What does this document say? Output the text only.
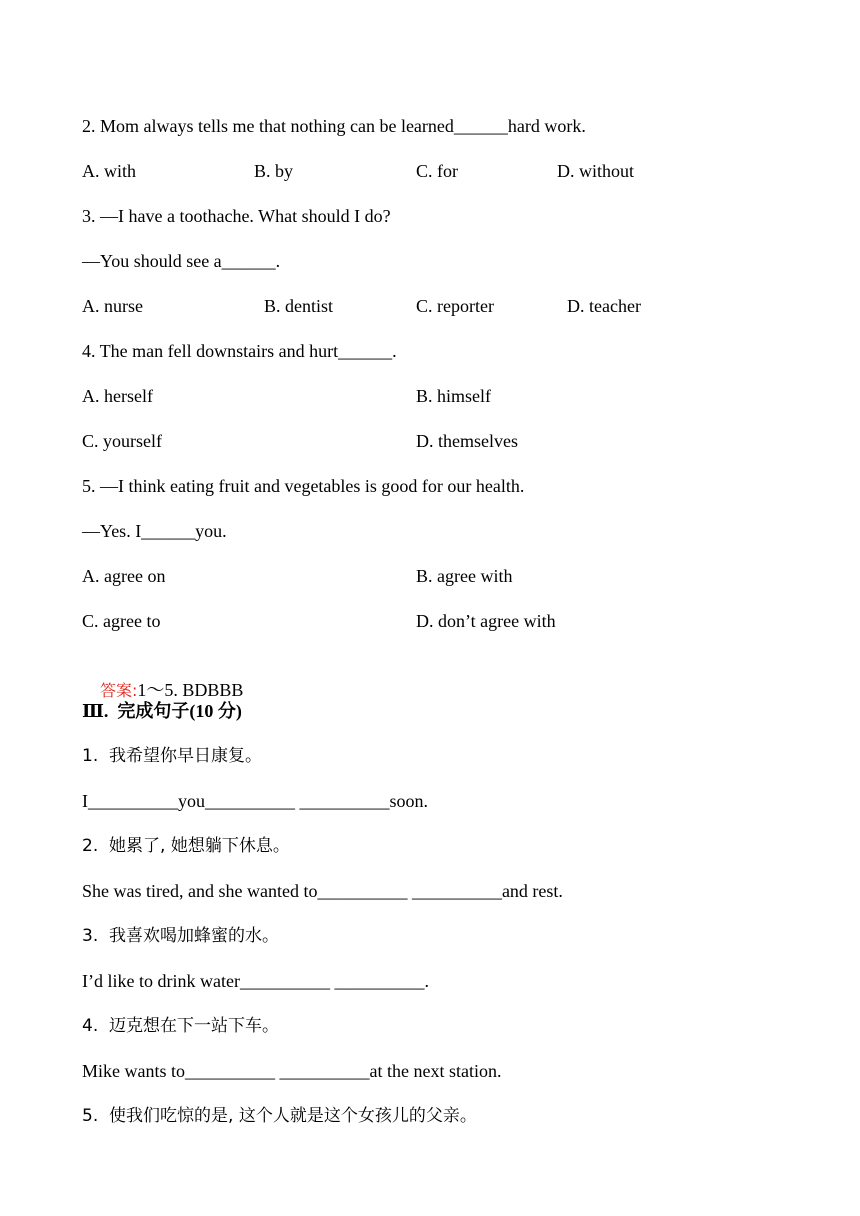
2. Mom always tells me that nothing can be learned______hard work.
A. with	B. by	C. for	D. without
3. —I have a toothache. What should I do?
—You should see a______.
A. nurse	B. dentist	C. reporter	D. teacher
4. The man fell downstairs and hurt______.
A. herself	B. himself
C. yourself	D. themselves
5. —I think eating fruit and vegetables is good for our health.
—Yes. I______you.
A. agree on	B. agree with
C. agree to	D. don’t agree with

答案:1～5. BDBBB

Ⅲ.  完成句子(10 分)
1.  我希望你早日康复。
I__________you__________ __________soon.
2.  她累了, 她想躺下休息。
She was tired, and she wanted to__________ __________and rest.
3.  我喜欢喝加蜂蜜的水。
I’d like to drink water__________ __________.
4.  迈克想在下一站下车。
Mike wants to__________ __________at the next station.
5.  使我们吃惊的是, 这个人就是这个女孩儿的父亲。
